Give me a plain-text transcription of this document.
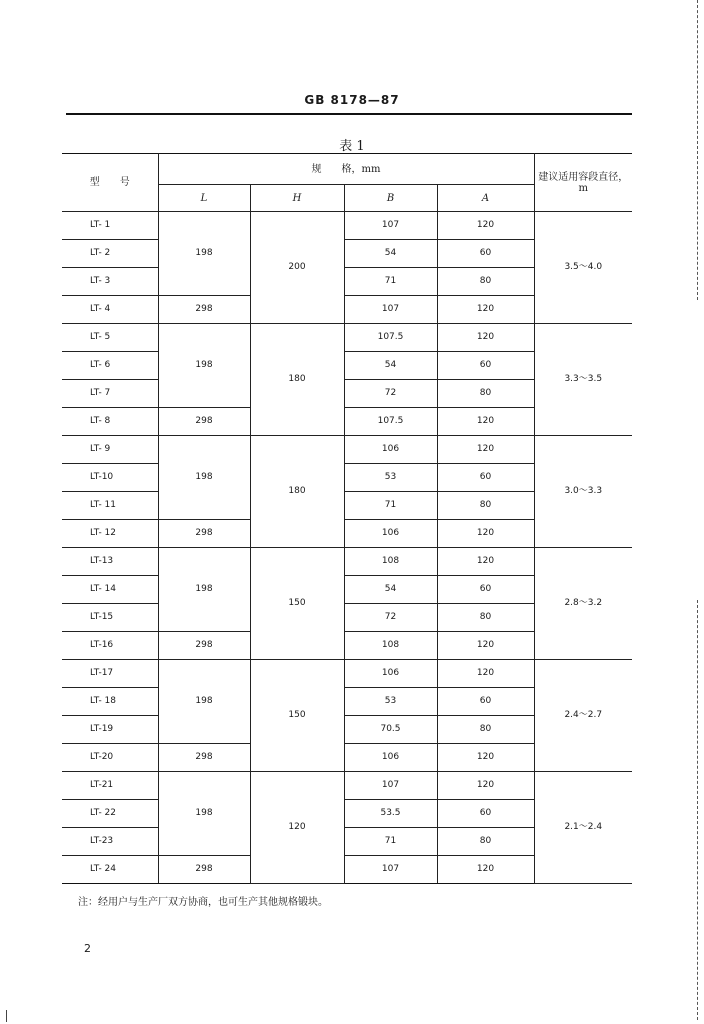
GB 8178—87
表 1
型　　号	规　　格，mm				建议适用容段直径，m
	L	H	B	A	
LT- 1	198	200	107	120	3.5～4.0
LT- 2			54	60	
LT- 3			71	80	
LT- 4	298		107	120	
LT- 5	198	180	107.5	120	3.3～3.5
LT- 6			54	60	
LT- 7			72	80	
LT- 8	298		107.5	120	
LT- 9	198	180	106	120	3.0～3.3
LT-10			53	60	
LT- 11			71	80	
LT- 12	298		106	120	
LT-13	198	150	108	120	2.8～3.2
LT- 14			54	60	
LT-15			72	80	
LT-16	298		108	120	
LT-17	198	150	106	120	2.4～2.7
LT- 18			53	60	
LT-19			70.5	80	
LT-20	298		106	120	
LT-21	198	120	107	120	2.1～2.4
LT- 22			53.5	60	
LT-23			71	80	
LT- 24	298		107	120	
注：经用户与生产厂双方协商，也可生产其他规格锻块。
2
